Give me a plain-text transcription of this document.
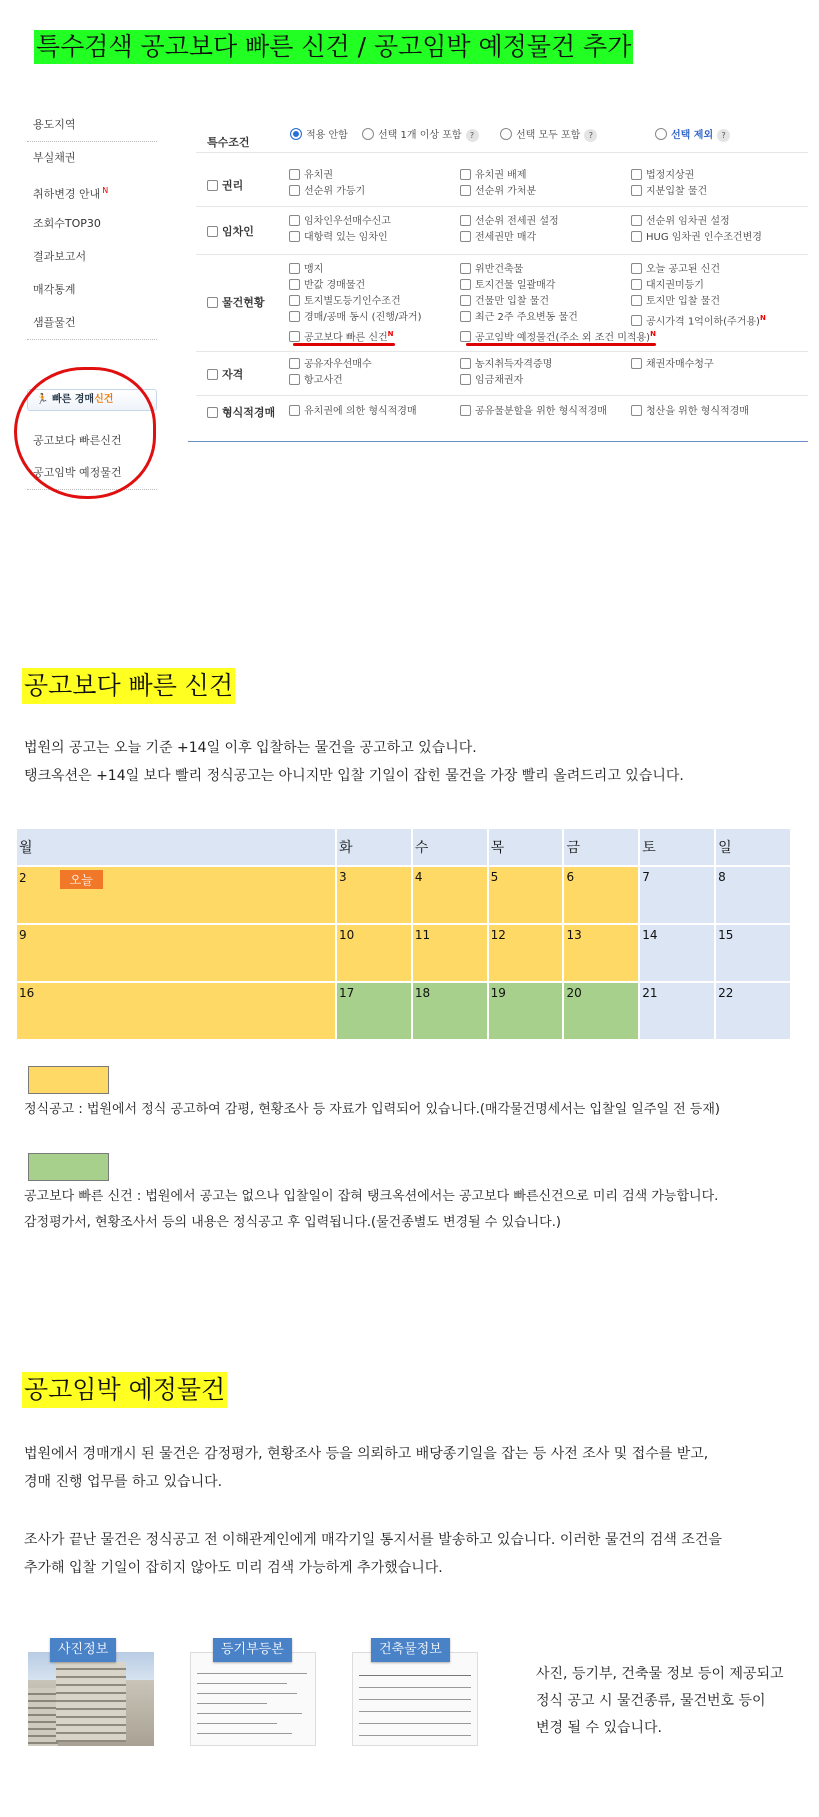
특수검색 공고보다 빠른 신건 / 공고임박 예정물건 추가
용도지역
부실채권
취하변경 안내 $^N$
조회수TOP30
결과보고서
매각통계
샘플물건
🏃 빠른 경매신건
공고보다 빠른신건
공고임박 예정물건
특수조건
적용 안함	선택 1개 이상 포함 ?	선택 모두 포함 ?	선택 제외 ?
권리
유치권	유치권 배제	법정지상권
선순위 가등기	선순위 가처분	지분입찰 물건
임차인
임차인우선매수신고	선순위 전세권 설정	선순위 임차권 설정
대항력 있는 임차인	전세권만 매각	HUG 임차권 인수조건변경
물건현황
맹지	위반건축물	오늘 공고된 신건
반값 경매물건	토지건물 일괄매각	대지권미등기
토지별도등기인수조건	건물만 입찰 물건	토지만 입찰 물건
경매/공매 동시 (진행/과거)	최근 2주 주요변동 물건	공시가격 1억이하(주거용)$^N$
공고보다 빠른 신건$^N$	공고임박 예정물건(주소 외 조건 미적용)$^N$
자격
공유자우선매수	농지취득자격증명	채권자매수청구
항고사건	임금채권자
형식적경매	유치권에 의한 형식적경매	공유물분할을 위한 형식적경매	청산을 위한 형식적경매
공고보다 빠른 신건
법원의 공고는 오늘 기준 +14일 이후 입찰하는 물건을 공고하고 있습니다.
탱크옥션은 +14일 보다 빨리 정식공고는 아니지만 입찰 기일이 잡힌 물건을 가장 빨리 올려드리고 있습니다.
월	화	수	목	금	토	일
2 오늘	3	4	5	6	7	8
9	10	11	12	13	14	15
16	17	18	19	20	21	22
정식공고 : 법원에서 정식 공고하여 감평, 현황조사 등 자료가 입력되어 있습니다.(매각물건명세서는 입찰일 일주일 전 등재)
공고보다 빠른 신건 : 법원에서 공고는 없으나 입찰일이 잡혀 탱크옥션에서는 공고보다 빠른신건으로 미리 검색 가능합니다.
감정평가서, 현황조사서 등의 내용은 정식공고 후 입력됩니다.(물건종별도 변경될 수 있습니다.)
공고임박 예정물건
법원에서 경매개시 된 물건은 감정평가, 현황조사 등을 의뢰하고 배당종기일을 잡는 등 사전 조사 및 접수를 받고,
경매 진행 업무를 하고 있습니다.
조사가 끝난 물건은 정식공고 전 이해관계인에게 매각기일 통지서를 발송하고 있습니다. 이러한 물건의 검색 조건을
추가해 입찰 기일이 잡히지 않아도 미리 검색 가능하게 추가했습니다.
사진정보	등기부등본	건축물정보
사진, 등기부, 건축물 정보 등이 제공되고
정식 공고 시 물건종류, 물건번호 등이
변경 될 수 있습니다.
